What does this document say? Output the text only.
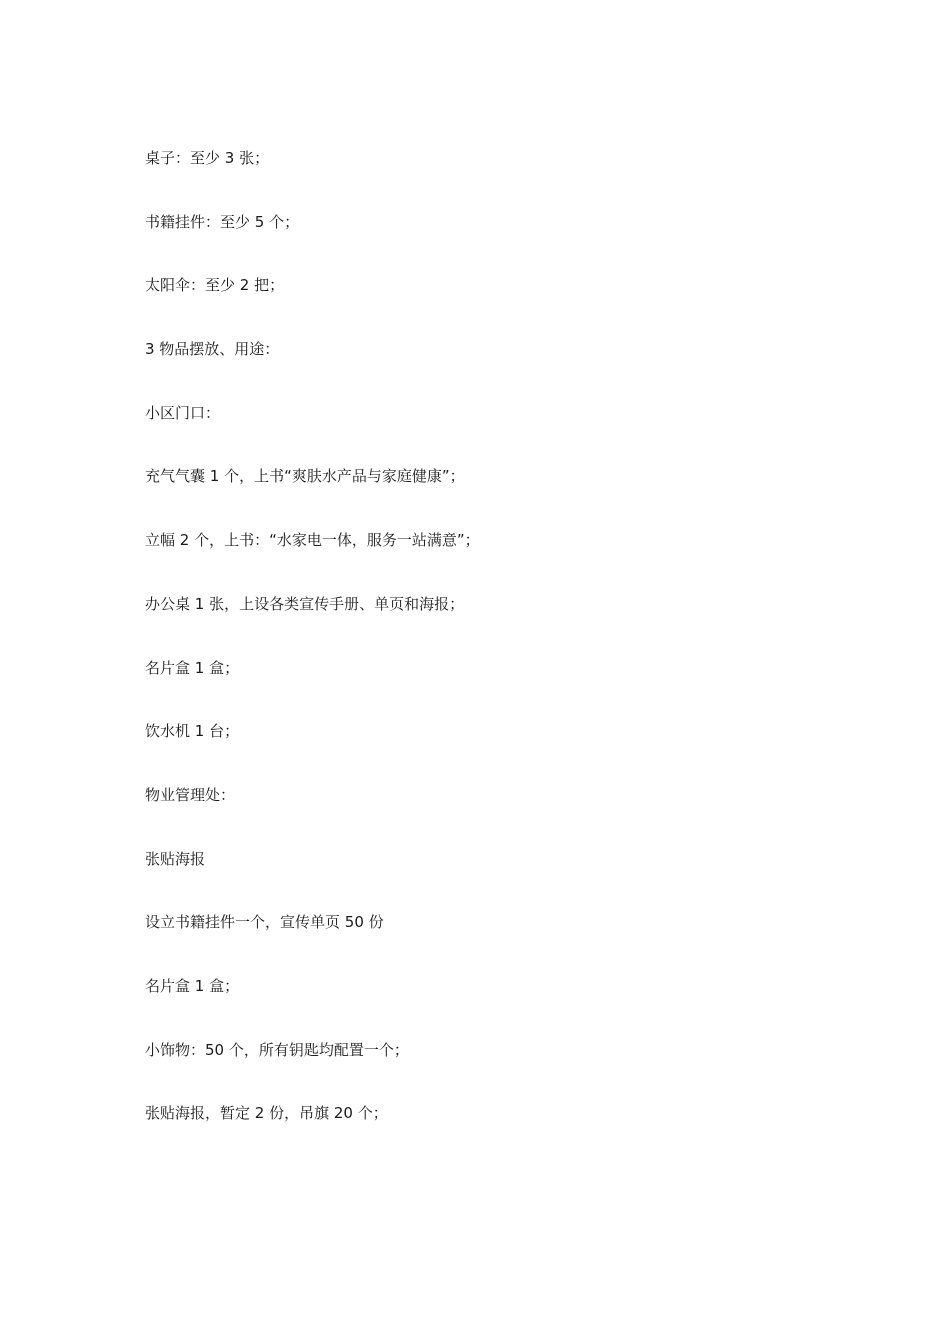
桌子：至少 3 张；
书籍挂件：至少 5 个；
太阳伞：至少 2 把；
3 物品摆放、用途：
小区门口：
充气气囊 1 个，上书“爽肤水产品与家庭健康”；
立幅 2 个，上书：“水家电一体，服务一站满意”；
办公桌 1 张，上设各类宣传手册、单页和海报；
名片盒 1 盒；
饮水机 1 台；
物业管理处：
张贴海报
设立书籍挂件一个，宣传单页 50 份
名片盒 1 盒；
小饰物：50 个，所有钥匙均配置一个；
张贴海报，暂定 2 份，吊旗 20 个；
